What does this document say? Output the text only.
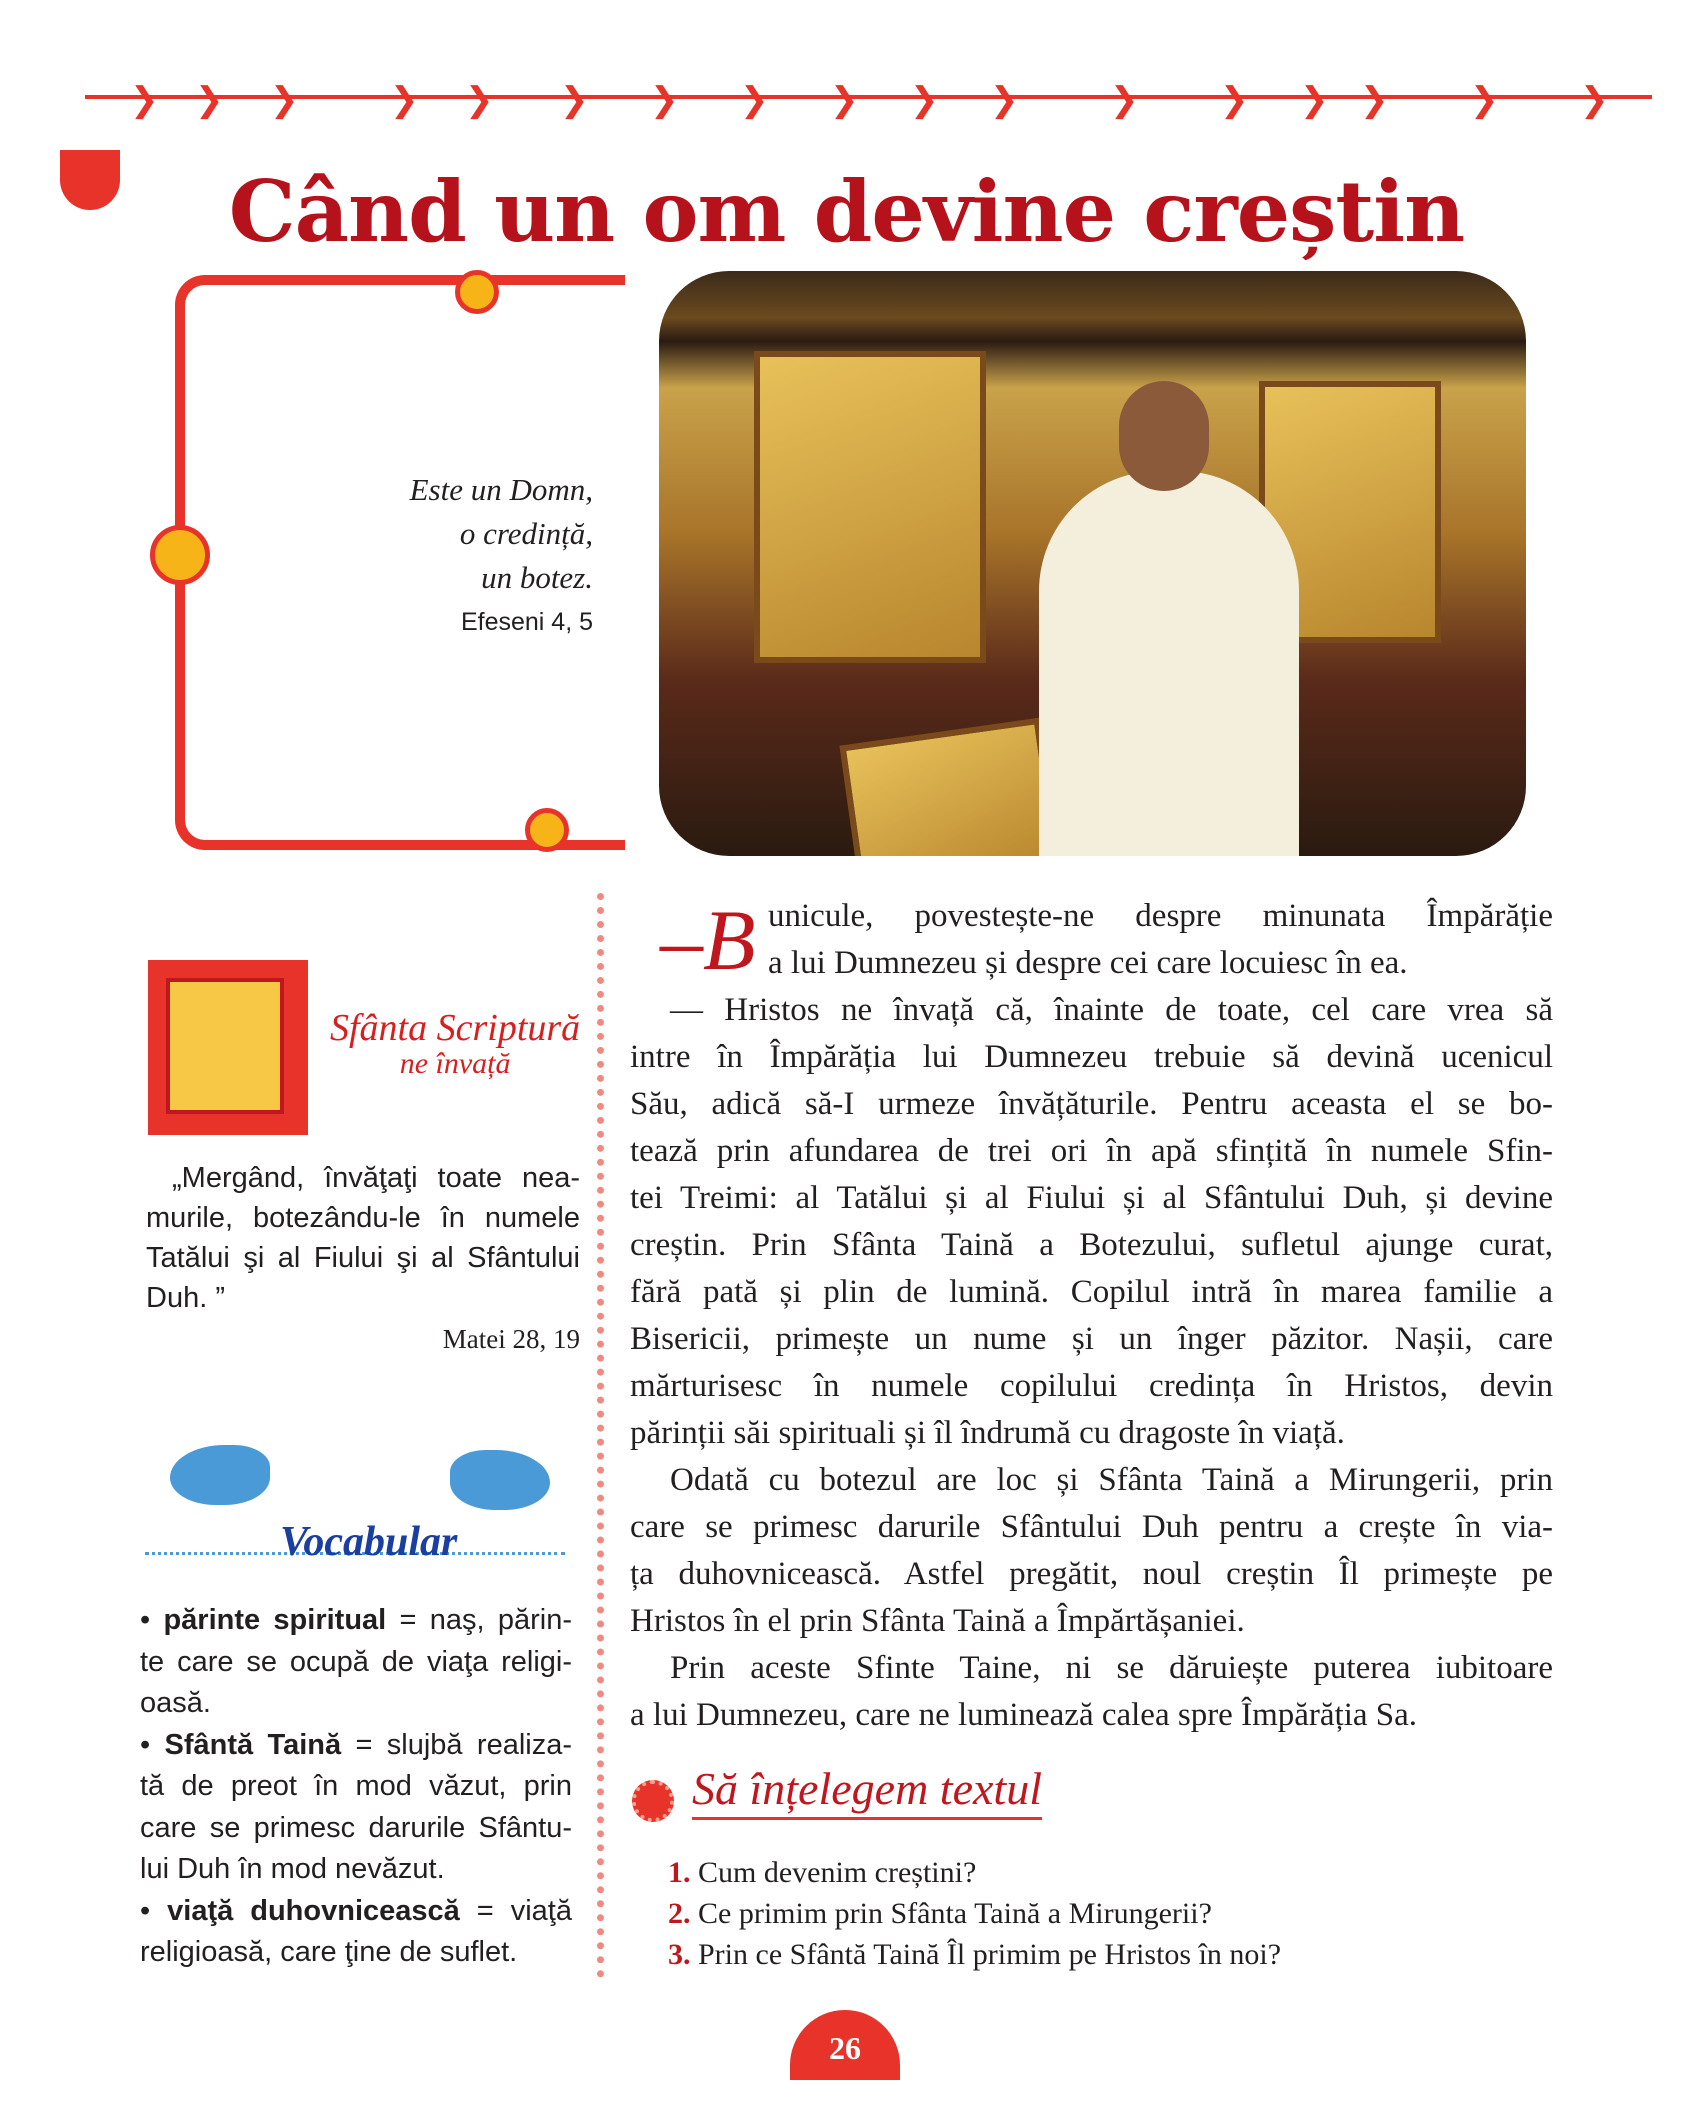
❯ ❯ ❯	❯ ❯ ❯ ❯ ❯ ❯ ❯ ❯	❯ ❯ ❯ ❯ ❯ ❯
Când un om devine creștin
Este un Domn,
o credință,
un botez.
Efeseni 4, 5
Sfânta Scriptură
ne învață
„Mergând, învăţaţi toate nea-
murile, botezându-le în numele
Tatălui şi al Fiului şi al Sfântului
Duh. ”
Matei 28, 19
Vocabular
• părinte spiritual = naş, părin-
te care se ocupă de viaţa religi-
oasă.
• Sfântă Taină = slujbă realiza-
tă de preot în mod văzut, prin
care se primesc darurile Sfântu-
lui Duh în mod nevăzut.
• viaţă duhovnicească = viaţă
religioasă, care ţine de suflet.
–B unicule, povestește-ne despre minunata Împărăție
a lui Dumnezeu și despre cei care locuiesc în ea.
— Hristos ne învață că, înainte de toate, cel care vrea să
intre în Împărăția lui Dumnezeu trebuie să devină ucenicul
Său, adică să-I urmeze învățăturile. Pentru aceasta el se bo-
tează prin afundarea de trei ori în apă sfințită în numele Sfin-
tei Treimi: al Tatălui și al Fiului și al Sfântului Duh, și devine
creștin. Prin Sfânta Taină a Botezului, sufletul ajunge curat,
fără pată și plin de lumină. Copilul intră în marea familie a
Bisericii, primește un nume și un înger păzitor. Nașii, care
mărturisesc în numele copilului credința în Hristos, devin
părinții săi spirituali și îl îndrumă cu dragoste în viață.
Odată cu botezul are loc și Sfânta Taină a Mirungerii, prin
care se primesc darurile Sfântului Duh pentru a crește în via-
ța duhovnicească. Astfel pregătit, noul creștin Îl primește pe
Hristos în el prin Sfânta Taină a Împărtășaniei.
Prin aceste Sfinte Taine, ni se dăruiește puterea iubitoare
a lui Dumnezeu, care ne luminează calea spre Împărăția Sa.
Să înțelegem textul
1. Cum devenim creștini?
2. Ce primim prin Sfânta Taină a Mirungerii?
3. Prin ce Sfântă Taină Îl primim pe Hristos în noi?
26
